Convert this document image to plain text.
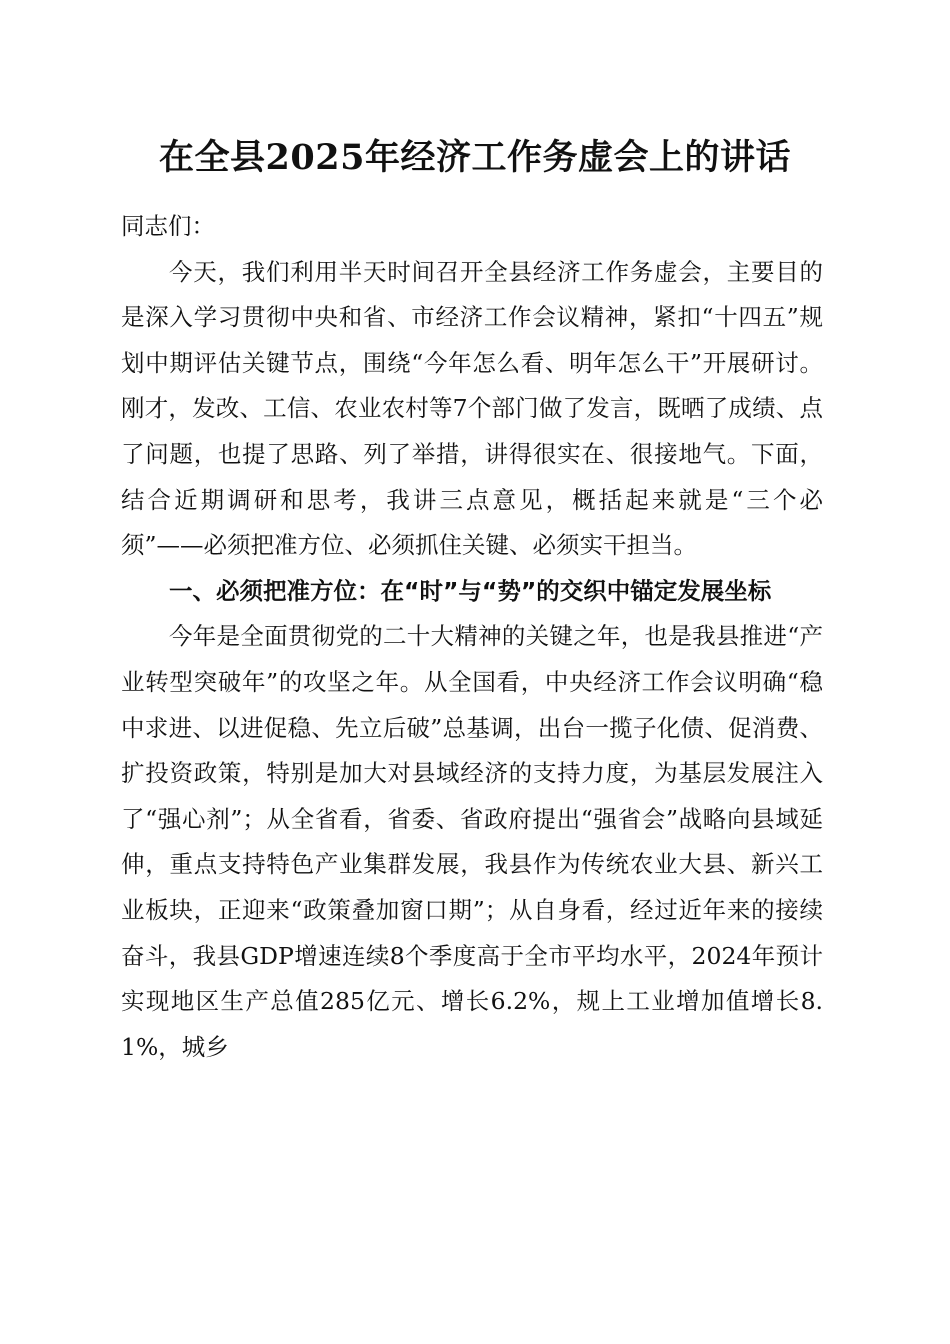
在全县2025年经济工作务虚会上的讲话

同志们：

今天，我们利用半天时间召开全县经济工作务虚会，主要目的是深入学习贯彻中央和省、市经济工作会议精神，紧扣“十四五”规划中期评估关键节点，围绕“今年怎么看、明年怎么干”开展研讨。刚才，发改、工信、农业农村等7个部门做了发言，既晒了成绩、点了问题，也提了思路、列了举措，讲得很实在、很接地气。下面，结合近期调研和思考，我讲三点意见，概括起来就是“三个必须”——必须把准方位、必须抓住关键、必须实干担当。

一、必须把准方位：在“时”与“势”的交织中锚定发展坐标

今年是全面贯彻党的二十大精神的关键之年，也是我县推进“产业转型突破年”的攻坚之年。从全国看，中央经济工作会议明确“稳中求进、以进促稳、先立后破”总基调，出台一揽子化债、促消费、扩投资政策，特别是加大对县域经济的支持力度，为基层发展注入了“强心剂”；从全省看，省委、省政府提出“强省会”战略向县域延伸，重点支持特色产业集群发展，我县作为传统农业大县、新兴工业板块，正迎来“政策叠加窗口期”；从自身看，经过近年来的接续奋斗，我县GDP增速连续8个季度高于全市平均水平，2024年预计实现地区生产总值285亿元、增长6.2%，规上工业增加值增长8.1%，城乡
